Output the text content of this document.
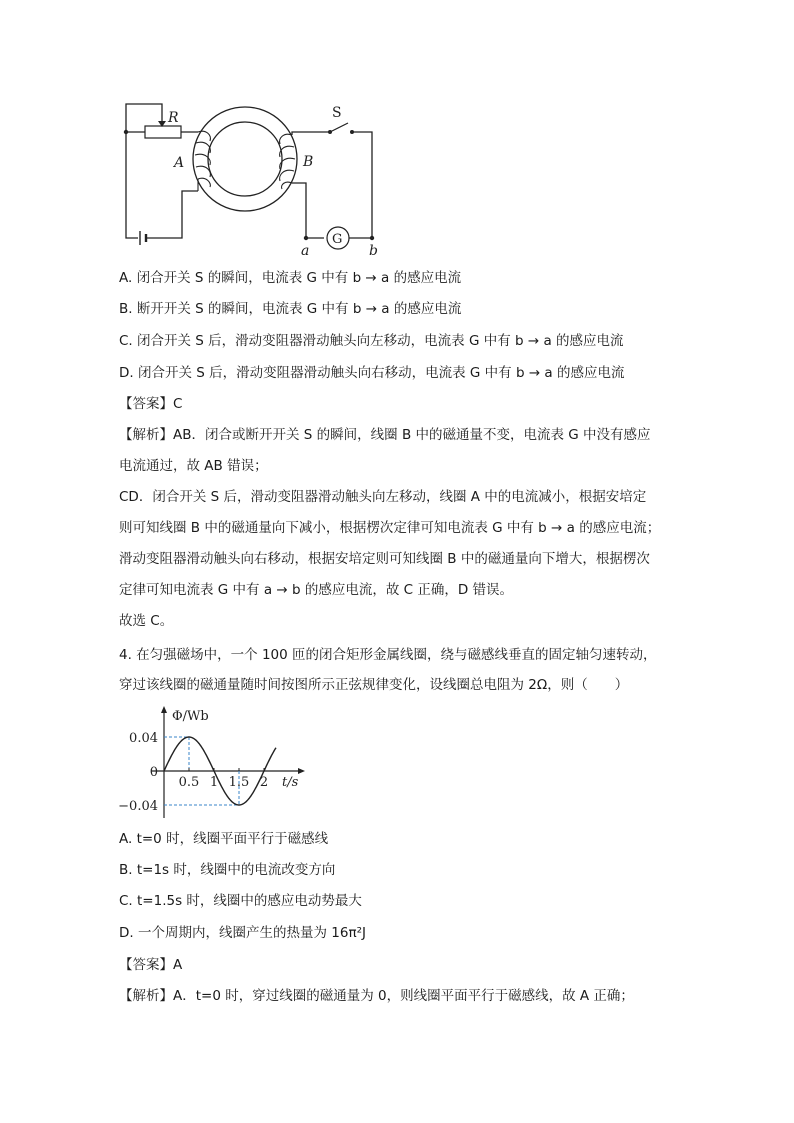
R	S
A	B
G
a	b
A. 闭合开关 S 的瞬间，电流表 G 中有 b → a 的感应电流
B. 断开开关 S 的瞬间，电流表 G 中有 b → a 的感应电流
C. 闭合开关 S 后，滑动变阻器滑动触头向左移动，电流表 G 中有 b → a 的感应电流
D. 闭合开关 S 后，滑动变阻器滑动触头向右移动，电流表 G 中有 b → a 的感应电流
【答案】C
【解析】AB．闭合或断开开关 S 的瞬间，线圈 B 中的磁通量不变，电流表 G 中没有感应
电流通过，故 AB 错误；
CD．闭合开关 S 后，滑动变阻器滑动触头向左移动，线圈 A 中的电流减小，根据安培定
则可知线圈 B 中的磁通量向下减小，根据楞次定律可知电流表 G 中有 b → a 的感应电流；
滑动变阻器滑动触头向右移动，根据安培定则可知线圈 B 中的磁通量向下增大，根据楞次
定律可知电流表 G 中有 a → b 的感应电流，故 C 正确，D 错误。
故选 C。
4. 在匀强磁场中，一个 100 匝的闭合矩形金属线圈，绕与磁感线垂直的固定轴匀速转动，
穿过该线圈的磁通量随时间按图所示正弦规律变化，设线圈总电阻为 2Ω，则（　　）
0.5 1 1.5 2
0.04
0
−0.04
Φ/Wb
t/s
A. t=0 时，线圈平面平行于磁感线
B. t=1s 时，线圈中的电流改变方向
C. t=1.5s 时，线圈中的感应电动势最大
D. 一个周期内，线圈产生的热量为 16π²J
【答案】A
【解析】A．t=0 时，穿过线圈的磁通量为 0，则线圈平面平行于磁感线，故 A 正确；
